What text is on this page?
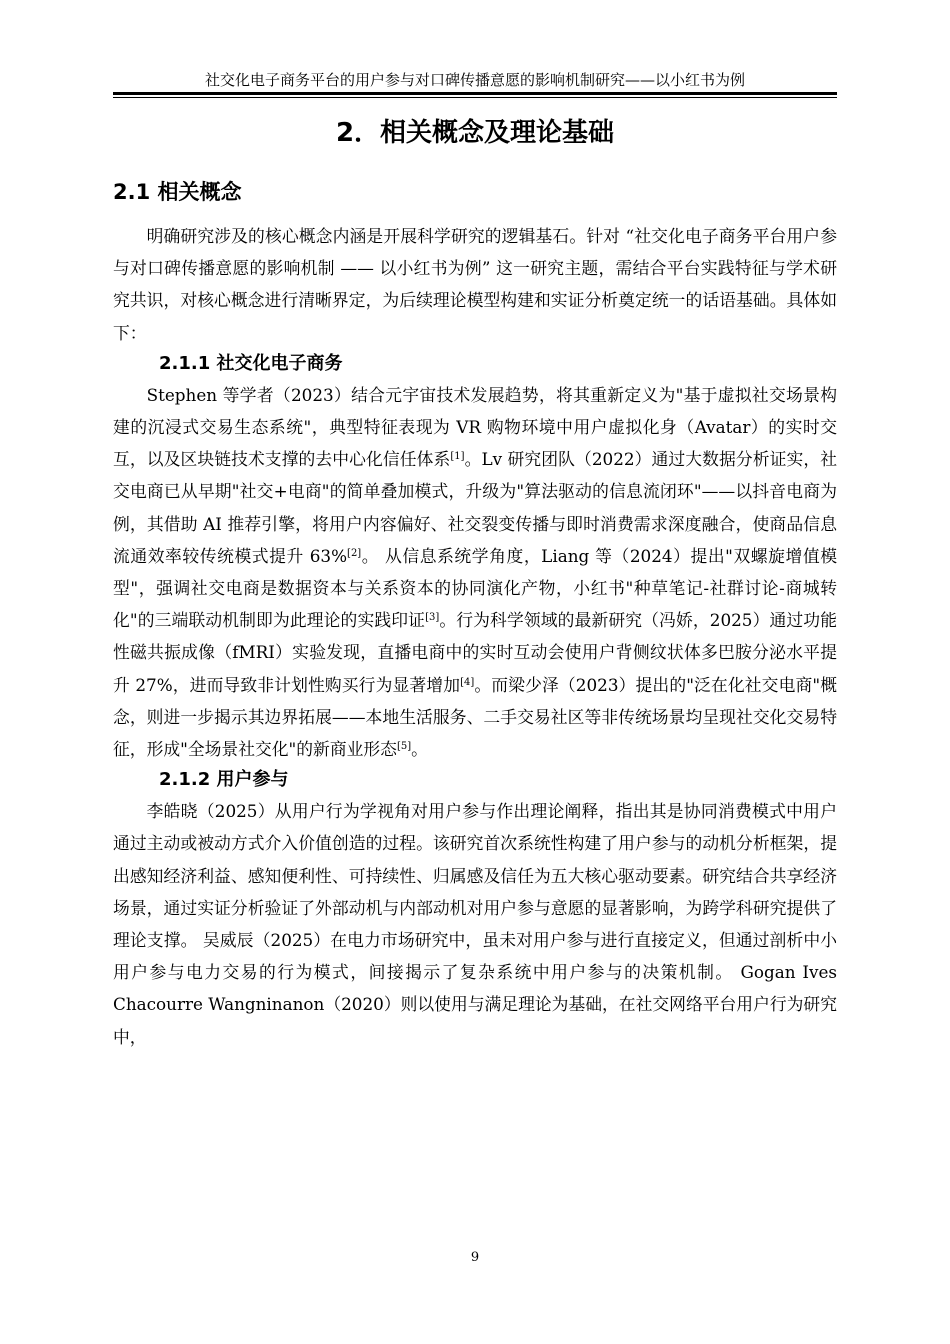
社交化电子商务平台的用户参与对口碑传播意愿的影响机制研究——以小红书为例
2．相关概念及理论基础
2.1 相关概念

明确研究涉及的核心概念内涵是开展科学研究的逻辑基石。针对 “社交化电子商务平台用户参与对口碑传播意愿的影响机制 —— 以小红书为例” 这一研究主题，需结合平台实践特征与学术研究共识，对核心概念进行清晰界定，为后续理论模型构建和实证分析奠定统一的话语基础。具体如下：

2.1.1 社交化电子商务

Stephen 等学者（2023）结合元宇宙技术发展趋势，将其重新定义为"基于虚拟社交场景构建的沉浸式交易生态系统"，典型特征表现为 VR 购物环境中用户虚拟化身（Avatar）的实时交互，以及区块链技术支撑的去中心化信任体系[1]。Lv 研究团队（2022）通过大数据分析证实，社交电商已从早期"社交+电商"的简单叠加模式，升级为"算法驱动的信息流闭环"——以抖音电商为例，其借助 AI 推荐引擎，将用户内容偏好、社交裂变传播与即时消费需求深度融合，使商品信息流通效率较传统模式提升 63%[2]。 从信息系统学角度，Liang 等（2024）提出"双螺旋增值模型"，强调社交电商是数据资本与关系资本的协同演化产物，小红书"种草笔记-社群讨论-商城转化"的三端联动机制即为此理论的实践印证[3]。行为科学领域的最新研究（冯娇，2025）通过功能性磁共振成像（fMRI）实验发现，直播电商中的实时互动会使用户背侧纹状体多巴胺分泌水平提升 27%，进而导致非计划性购买行为显著增加[4]。而梁少泽（2023）提出的"泛在化社交电商"概念，则进一步揭示其边界拓展——本地生活服务、二手交易社区等非传统场景均呈现社交化交易特征，形成"全场景社交化"的新商业形态[5]。

2.1.2 用户参与

李皓晓（2025）从用户行为学视角对用户参与作出理论阐释，指出其是协同消费模式中用户通过主动或被动方式介入价值创造的过程。该研究首次系统性构建了用户参与的动机分析框架，提出感知经济利益、感知便利性、可持续性、归属感及信任为五大核心驱动要素。研究结合共享经济场景，通过实证分析验证了外部动机与内部动机对用户参与意愿的显著影响，为跨学科研究提供了理论支撑。 吴威辰（2025）在电力市场研究中，虽未对用户参与进行直接定义，但通过剖析中小用户参与电力交易的行为模式，间接揭示了复杂系统中用户参与的决策机制。 Gogan Ives Chacourre Wangninanon（2020）则以使用与满足理论为基础，在社交网络平台用户行为研究中，

9
